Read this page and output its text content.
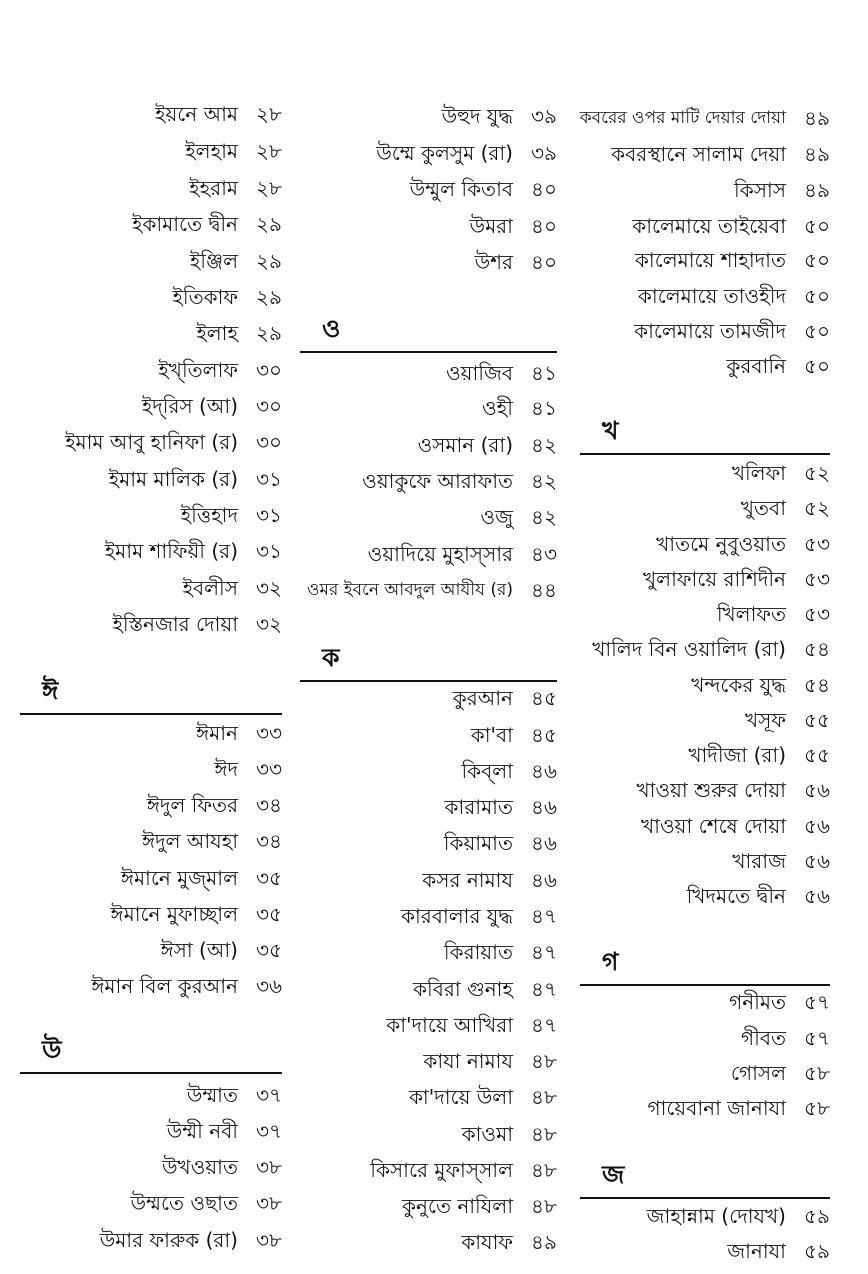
ইয়নে আম ২৮
ইলহাম ২৮
ইহরাম ২৮
ইকামাতে দ্বীন ২৯
ইঞ্জিল ২৯
ইতিকাফ ২৯
ইলাহ ২৯
ইখ্‌তিলাফ ৩০
ইদ্‌রিস (আ) ৩০
ইমাম আবু হানিফা (র) ৩০
ইমাম মালিক (র) ৩১
ইত্তিহাদ ৩১
ইমাম শাফিয়ী (র) ৩১
ইবলীস ৩২
ইস্তিনজার দোয়া ৩২
ঈ
ঈমান ৩৩
ঈদ ৩৩
ঈদুল ফিতর ৩৪
ঈদুল আযহা ৩৪
ঈমানে মুজ্‌মাল ৩৫
ঈমানে মুফাচ্ছাল ৩৫
ঈসা (আ) ৩৫
ঈমান বিল কুরআন ৩৬
উ
উম্মাত ৩৭
উম্মী নবী ৩৭
উখওয়াত ৩৮
উম্মতে ওছাত ৩৮
উমার ফারুক (রা) ৩৮
উহুদ যুদ্ধ ৩৯
উম্মে কুলসুম (রা) ৩৯
উম্মুল কিতাব ৪০
উমরা ৪০
উশর ৪০
ও
ওয়াজিব ৪১
ওহী ৪১
ওসমান (রা) ৪২
ওয়াকুফে আরাফাত ৪২
ওজু ৪২
ওয়াদিয়ে মুহাস্‌সার ৪৩
ওমর ইবনে আবদুল আযীয (র) ৪৪
ক
কুরআন ৪৫
কা'বা ৪৫
কিব্‌লা ৪৬
কারামাত ৪৬
কিয়ামাত ৪৬
কসর নামায ৪৬
কারবালার যুদ্ধ ৪৭
কিরায়াত ৪৭
কবিরা গুনাহ ৪৭
কা'দায়ে আখিরা ৪৭
কাযা নামায ৪৮
কা'দায়ে উলা ৪৮
কাওমা ৪৮
কিসারে মুফাস্‌সাল ৪৮
কুনুতে নাযিলা ৪৮
কাযাফ ৪৯
কবরের ওপর মাটি দেয়ার দোয়া ৪৯
কবরস্থানে সালাম দেয়া ৪৯
কিসাস ৪৯
কালেমায়ে তাইয়েবা ৫০
কালেমায়ে শাহাদাত ৫০
কালেমায়ে তাওহীদ ৫০
কালেমায়ে তামজীদ ৫০
কুরবানি ৫০
খ
খলিফা ৫২
খুতবা ৫২
খাতমে নুবুওয়াত ৫৩
খুলাফায়ে রাশিদীন ৫৩
খিলাফত ৫৩
খালিদ বিন ওয়ালিদ (রা) ৫৪
খন্দকের যুদ্ধ ৫৪
খসূফ ৫৫
খাদীজা (রা) ৫৫
খাওয়া শুরুর দোয়া ৫৬
খাওয়া শেষে দোয়া ৫৬
খারাজ ৫৬
খিদমতে দ্বীন ৫৬
গ
গনীমত ৫৭
গীবত ৫৭
গোসল ৫৮
গায়েবানা জানাযা ৫৮
জ
জাহান্নাম (দোযখ) ৫৯
জানাযা ৫৯
